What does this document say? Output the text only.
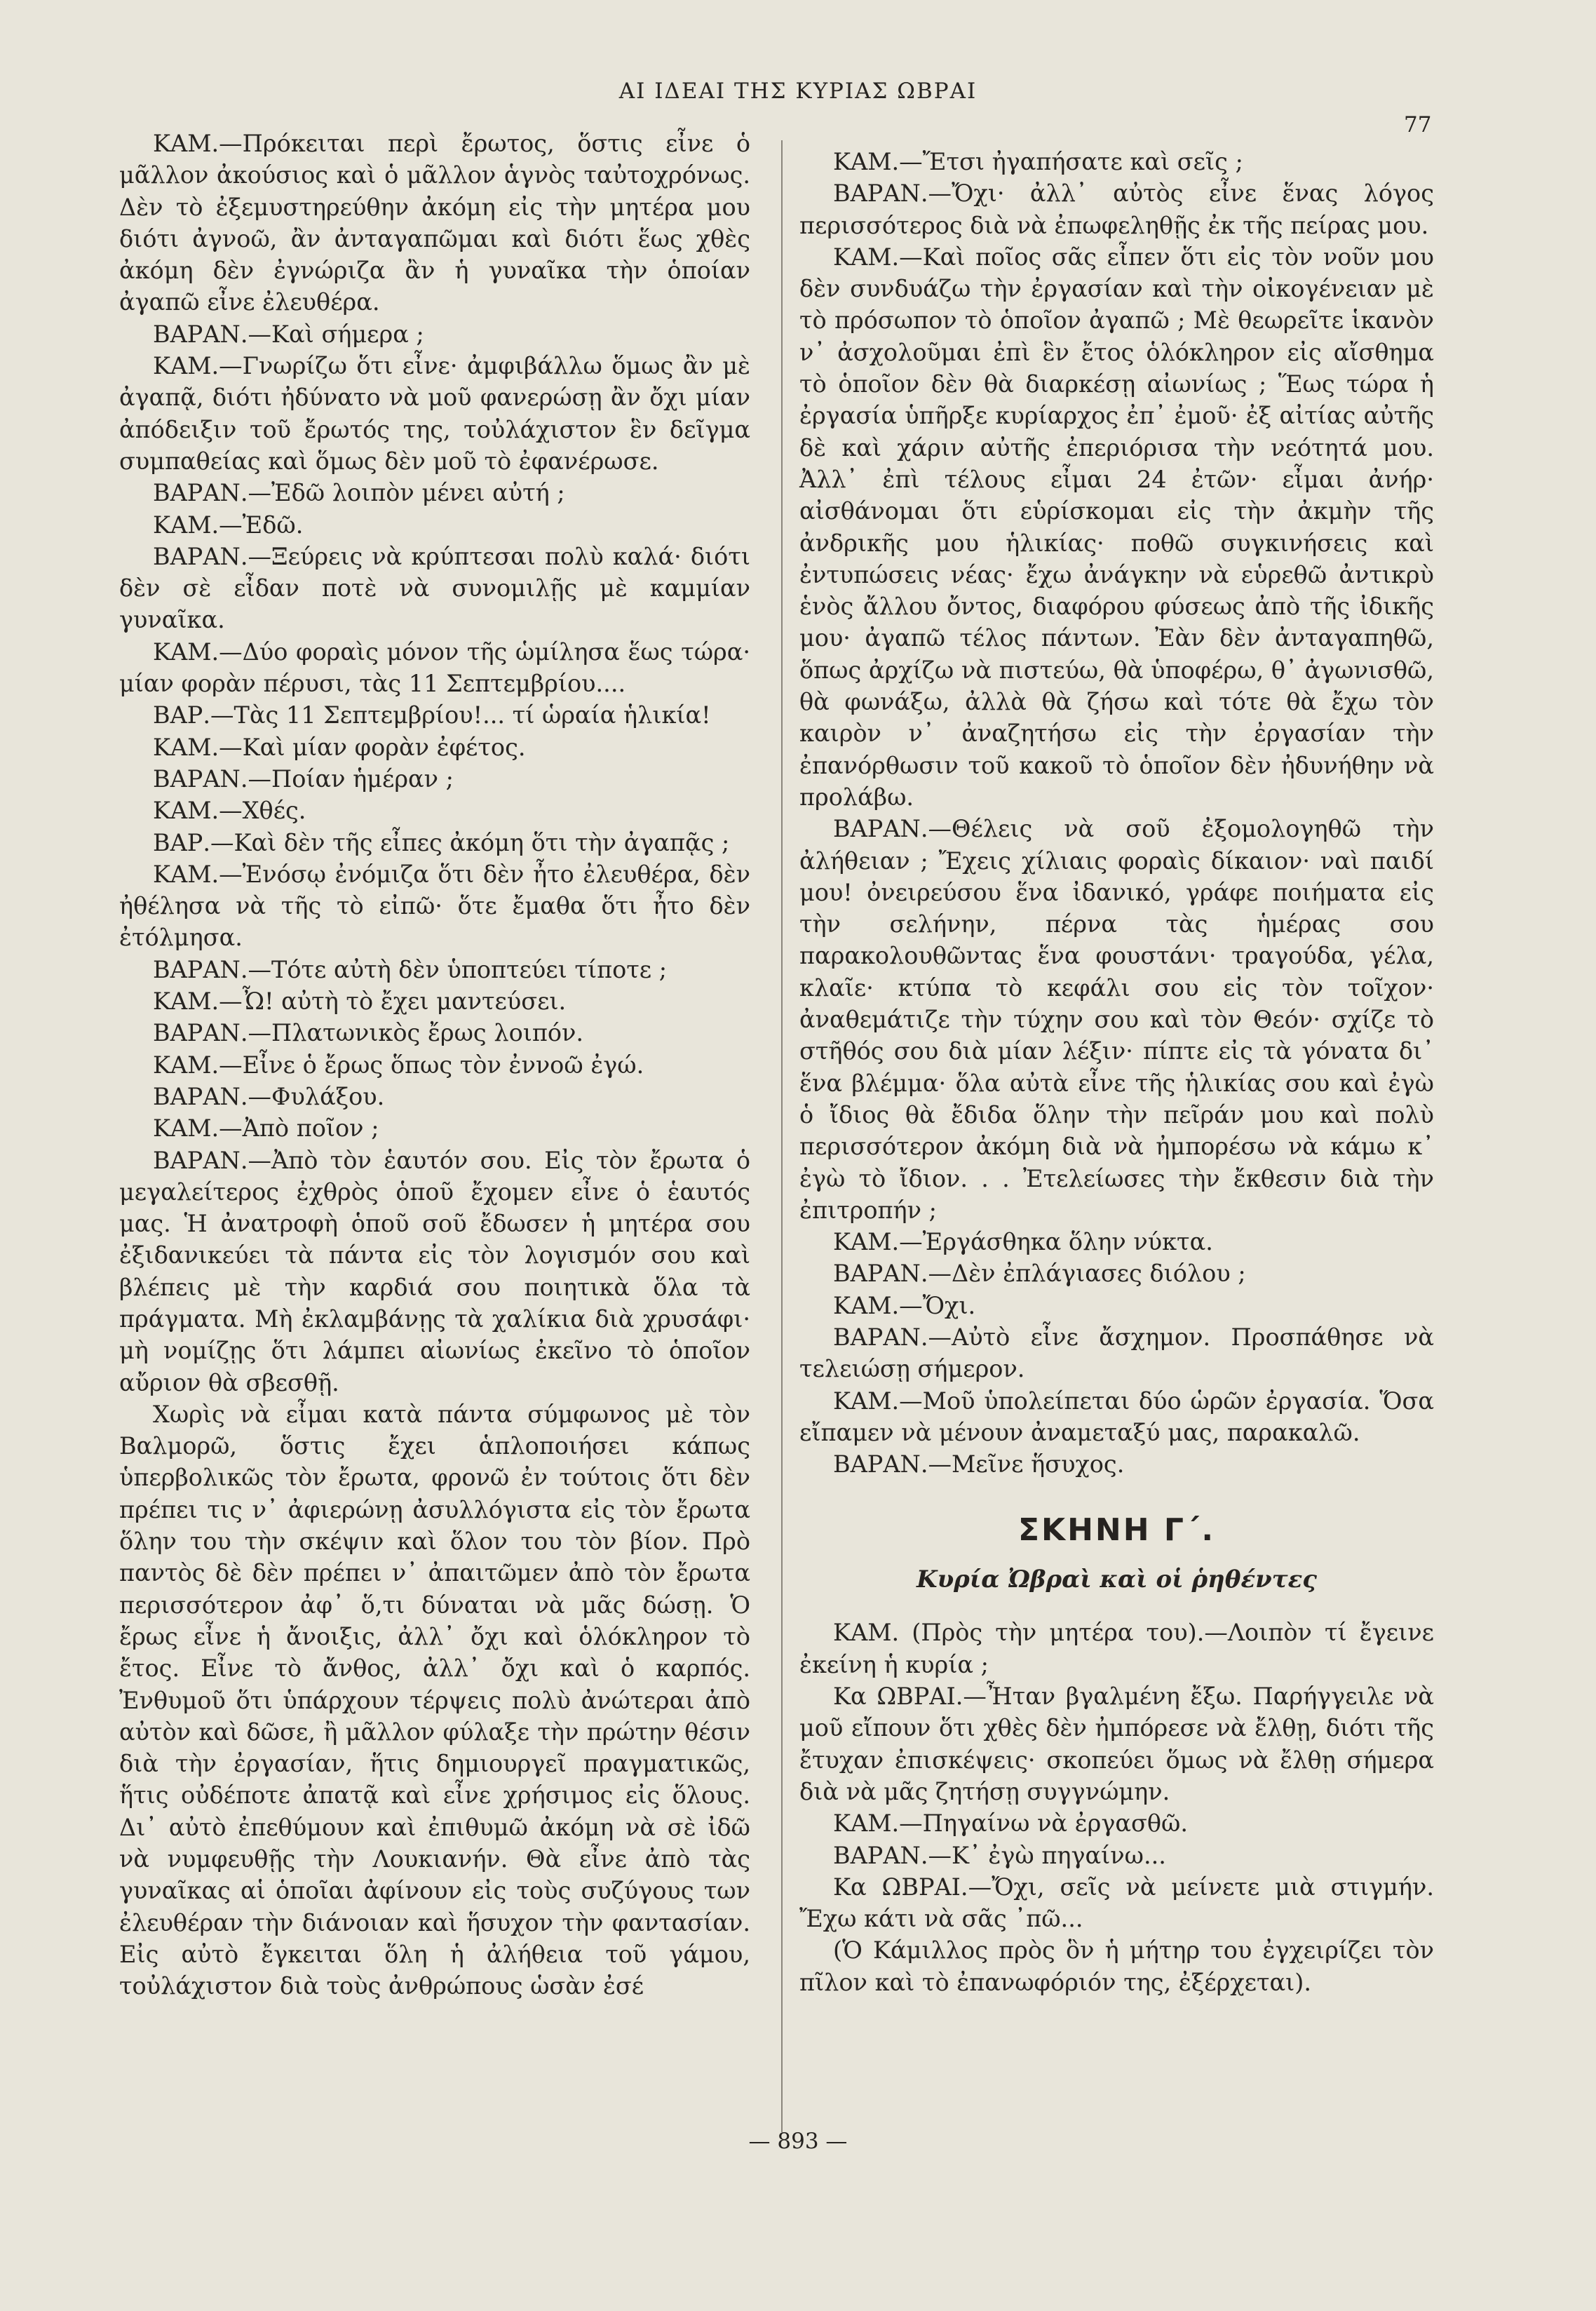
ΑΙ ΙΔΕΑΙ ΤΗΣ ΚΥΡΙΑΣ ΩΒΡΑΙ
77

ΚΑΜ.—Πρόκειται περὶ ἔρωτος, ὅστις εἶνε ὁ μᾶλλον ἀκούσιος καὶ ὁ μᾶλλον ἁγνὸς ταὐτοχρόνως. Δὲν τὸ ἐξεμυστηρεύθην ἀκόμη εἰς τὴν μητέρα μου διότι ἀγνοῶ, ἂν ἀνταγαπῶμαι καὶ διότι ἕως χθὲς ἀκόμη δὲν ἐγνώριζα ἂν ἡ γυναῖκα τὴν ὁποίαν ἀγαπῶ εἶνε ἐλευθέρα.

ΒΑΡΑΝ.—Καὶ σήμερα ;

ΚΑΜ.—Γνωρίζω ὅτι εἶνε· ἀμφιβάλλω ὅμως ἂν μὲ ἀγαπᾷ, διότι ἠδύνατο νὰ μοῦ φανερώσῃ ἂν ὄχι μίαν ἀπόδειξιν τοῦ ἔρωτός της, τοὐλάχιστον ἓν δεῖγμα συμπαθείας καὶ ὅμως δὲν μοῦ τὸ ἐφανέρωσε.

ΒΑΡΑΝ.—Ἐδῶ λοιπὸν μένει αὐτή ;

ΚΑΜ.—Ἐδῶ.

ΒΑΡΑΝ.—Ξεύρεις νὰ κρύπτεσαι πολὺ καλά· διότι δὲν σὲ εἶδαν ποτὲ νὰ συνομιλῇς μὲ καμμίαν γυναῖκα.

ΚΑΜ.—Δύο φοραὶς μόνον τῆς ὡμίλησα ἕως τώρα· μίαν φορὰν πέρυσι, τὰς 11 Σεπτεμβρίου....

ΒΑΡ.—Τὰς 11 Σεπτεμβρίου!... τί ὡραία ἡλικία!

ΚΑΜ.—Καὶ μίαν φορὰν ἐφέτος.

ΒΑΡΑΝ.—Ποίαν ἡμέραν ;

ΚΑΜ.—Χθές.

ΒΑΡ.—Καὶ δὲν τῆς εἶπες ἀκόμη ὅτι τὴν ἀγαπᾷς ;

ΚΑΜ.—Ἐνόσῳ ἐνόμιζα ὅτι δὲν ἦτο ἐλευθέρα, δὲν ἠθέλησα νὰ τῆς τὸ εἰπῶ· ὅτε ἔμαθα ὅτι ἦτο δὲν ἐτόλμησα.

ΒΑΡΑΝ.—Τότε αὐτὴ δὲν ὑποπτεύει τίποτε ;

ΚΑΜ.—Ὦ! αὐτὴ τὸ ἔχει μαντεύσει.

ΒΑΡΑΝ.—Πλατωνικὸς ἔρως λοιπόν.

ΚΑΜ.—Εἶνε ὁ ἔρως ὅπως τὸν ἐννοῶ ἐγώ.

ΒΑΡΑΝ.—Φυλάξου.

ΚΑΜ.—Ἀπὸ ποῖον ;

ΒΑΡΑΝ.—Ἀπὸ τὸν ἑαυτόν σου. Εἰς τὸν ἔρωτα ὁ μεγαλείτερος ἐχθρὸς ὁποῦ ἔχομεν εἶνε ὁ ἑαυτός μας. Ἡ ἀνατροφὴ ὁποῦ σοῦ ἔδωσεν ἡ μητέρα σου ἐξιδανικεύει τὰ πάντα εἰς τὸν λογισμόν σου καὶ βλέπεις μὲ τὴν καρδιά σου ποιητικὰ ὅλα τὰ πράγματα. Μὴ ἐκλαμβάνῃς τὰ χαλίκια διὰ χρυσάφι· μὴ νομίζῃς ὅτι λάμπει αἰωνίως ἐκεῖνο τὸ ὁποῖον αὔριον θὰ σβεσθῇ.

Χωρὶς νὰ εἶμαι κατὰ πάντα σύμφωνος μὲ τὸν Βαλμορῶ, ὅστις ἔχει ἁπλοποιήσει κάπως ὑπερβολικῶς τὸν ἔρωτα, φρονῶ ἐν τούτοις ὅτι δὲν πρέπει τις ν᾿ ἀφιερώνῃ ἀσυλλόγιστα εἰς τὸν ἔρωτα ὅλην του τὴν σκέψιν καὶ ὅλον του τὸν βίον. Πρὸ παντὸς δὲ δὲν πρέπει ν᾿ ἀπαιτῶμεν ἀπὸ τὸν ἔρωτα περισσότερον ἀφ᾿ ὅ,τι δύναται νὰ μᾶς δώσῃ. Ὁ ἔρως εἶνε ἡ ἄνοιξις, ἀλλ᾿ ὄχι καὶ ὁλόκληρον τὸ ἔτος. Εἶνε τὸ ἄνθος, ἀλλ᾿ ὄχι καὶ ὁ καρπός. Ἐνθυμοῦ ὅτι ὑπάρχουν τέρψεις πολὺ ἀνώτεραι ἀπὸ αὐτὸν καὶ δῶσε, ἢ μᾶλλον φύλαξε τὴν πρώτην θέσιν διὰ τὴν ἐργασίαν, ἥτις δημιουργεῖ πραγματικῶς, ἥτις οὐδέποτε ἀπατᾷ καὶ εἶνε χρήσιμος εἰς ὅλους. Δι᾿ αὐτὸ ἐπεθύμουν καὶ ἐπιθυμῶ ἀκόμη νὰ σὲ ἰδῶ νὰ νυμφευθῇς τὴν Λουκιανήν. Θὰ εἶνε ἀπὸ τὰς γυναῖκας αἱ ὁποῖαι ἀφίνουν εἰς τοὺς συζύγους των ἐλευθέραν τὴν διάνοιαν καὶ ἥσυχον τὴν φαντασίαν. Εἰς αὐτὸ ἔγκειται ὅλη ἡ ἀλήθεια τοῦ γάμου, τοὐλάχιστον διὰ τοὺς ἀνθρώπους ὡσὰν ἐσέ

ΚΑΜ.—Ἔτσι ἠγαπήσατε καὶ σεῖς ;

ΒΑΡΑΝ.—Ὄχι· ἀλλ᾿ αὐτὸς εἶνε ἕνας λόγος περισσότερος διὰ νὰ ἐπωφεληθῇς ἐκ τῆς πείρας μου.

ΚΑΜ.—Καὶ ποῖος σᾶς εἶπεν ὅτι εἰς τὸν νοῦν μου δὲν συνδυάζω τὴν ἐργασίαν καὶ τὴν οἰκογένειαν μὲ τὸ πρόσωπον τὸ ὁποῖον ἀγαπῶ ; Μὲ θεωρεῖτε ἱκανὸν ν᾿ ἀσχολοῦμαι ἐπὶ ἓν ἔτος ὁλόκληρον εἰς αἴσθημα τὸ ὁποῖον δὲν θὰ διαρκέσῃ αἰωνίως ; Ἕως τώρα ἡ ἐργασία ὑπῆρξε κυρίαρχος ἐπ᾿ ἐμοῦ· ἐξ αἰτίας αὐτῆς δὲ καὶ χάριν αὐτῆς ἐπεριόρισα τὴν νεότητά μου. Ἀλλ᾿ ἐπὶ τέλους εἶμαι 24 ἐτῶν· εἶμαι ἀνήρ· αἰσθάνομαι ὅτι εὑρίσκομαι εἰς τὴν ἀκμὴν τῆς ἀνδρικῆς μου ἡλικίας· ποθῶ συγκινήσεις καὶ ἐντυπώσεις νέας· ἔχω ἀνάγκην νὰ εὑρεθῶ ἀντικρὺ ἑνὸς ἄλλου ὄντος, διαφόρου φύσεως ἀπὸ τῆς ἰδικῆς μου· ἀγαπῶ τέλος πάντων. Ἐὰν δὲν ἀνταγαπηθῶ, ὅπως ἀρχίζω νὰ πιστεύω, θὰ ὑποφέρω, θ᾿ ἀγωνισθῶ, θὰ φωνάξω, ἀλλὰ θὰ ζήσω καὶ τότε θὰ ἔχω τὸν καιρὸν ν᾿ ἀναζητήσω εἰς τὴν ἐργασίαν τὴν ἐπανόρθωσιν τοῦ κακοῦ τὸ ὁποῖον δὲν ἠδυνήθην νὰ προλάβω.

ΒΑΡΑΝ.—Θέλεις νὰ σοῦ ἐξομολογηθῶ τὴν ἀλήθειαν ; Ἔχεις χίλιαις φοραὶς δίκαιον· ναὶ παιδί μου! ὀνειρεύσου ἕνα ἰδανικό, γράφε ποιήματα εἰς τὴν σελήνην, πέρνα τὰς ἡμέρας σου παρακολουθῶντας ἕνα φουστάνι· τραγούδα, γέλα, κλαῖε· κτύπα τὸ κεφάλι σου εἰς τὸν τοῖχον· ἀναθεμάτιζε τὴν τύχην σου καὶ τὸν Θεόν· σχίζε τὸ στῆθός σου διὰ μίαν λέξιν· πίπτε εἰς τὰ γόνατα δι᾿ ἕνα βλέμμα· ὅλα αὐτὰ εἶνε τῆς ἡλικίας σου καὶ ἐγὼ ὁ ἴδιος θὰ ἔδιδα ὅλην τὴν πεῖράν μου καὶ πολὺ περισσότερον ἀκόμη διὰ νὰ ἠμπορέσω νὰ κάμω κ᾿ ἐγὼ τὸ ἴδιον. . . Ἐτελείωσες τὴν ἔκθεσιν διὰ τὴν ἐπιτροπήν ;

ΚΑΜ.—Ἐργάσθηκα ὅλην νύκτα.

ΒΑΡΑΝ.—Δὲν ἐπλάγιασες διόλου ;

ΚΑΜ.—Ὄχι.

ΒΑΡΑΝ.—Αὐτὸ εἶνε ἄσχημον. Προσπάθησε νὰ τελειώσῃ σήμερον.

ΚΑΜ.—Μοῦ ὑπολείπεται δύο ὡρῶν ἐργασία. Ὅσα εἴπαμεν νὰ μένουν ἀναμεταξύ μας, παρακαλῶ.

ΒΑΡΑΝ.—Μεῖνε ἥσυχος.

ΣΚΗΝΗ Γ΄.
Κυρία Ὠβραὶ καὶ οἱ ῥηθέντες

ΚΑΜ. (Πρὸς τὴν μητέρα του).—Λοιπὸν τί ἔγεινε ἐκείνη ἡ κυρία ;

Κα ΩΒΡΑΙ.—Ἦταν βγαλμένη ἔξω. Παρήγγειλε νὰ μοῦ εἴπουν ὅτι χθὲς δὲν ἠμπόρεσε νὰ ἔλθῃ, διότι τῆς ἔτυχαν ἐπισκέψεις· σκοπεύει ὅμως νὰ ἔλθῃ σήμερα διὰ νὰ μᾶς ζητήσῃ συγγνώμην.

ΚΑΜ.—Πηγαίνω νὰ ἐργασθῶ.

ΒΑΡΑΝ.—Κ᾿ ἐγὼ πηγαίνω...

Κα ΩΒΡΑΙ.—Ὄχι, σεῖς νὰ μείνετε μιὰ στιγμήν. Ἔχω κάτι νὰ σᾶς ᾿πῶ...

(Ὁ Κάμιλλος πρὸς ὃν ἡ μήτηρ του ἐγχειρίζει τὸν πῖλον καὶ τὸ ἐπανωφόριόν της, ἐξέρχεται).

— 893 —
